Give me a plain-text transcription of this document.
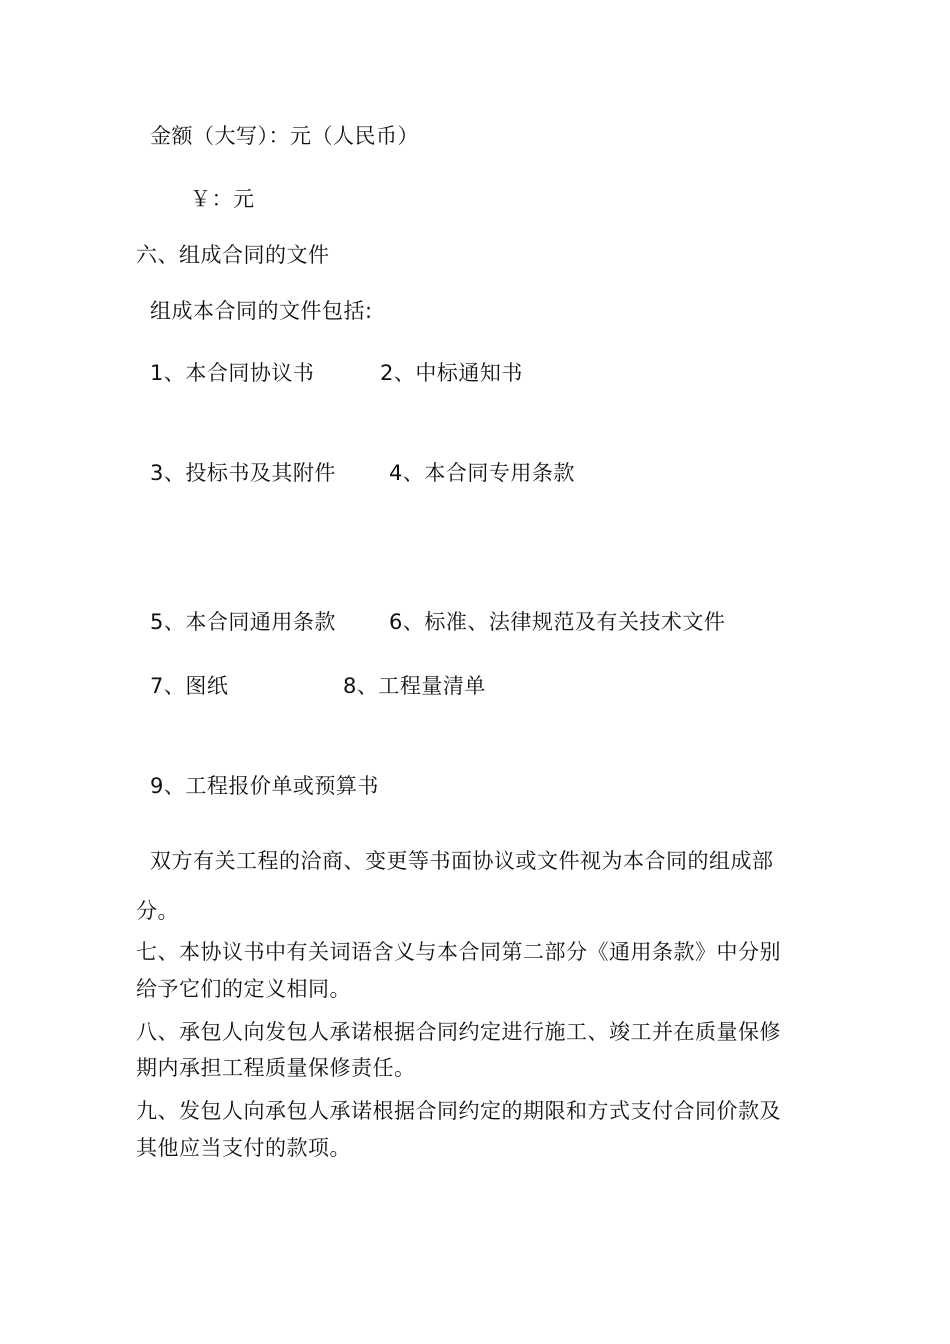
金额（大写）：元（人民币）
￥：元
六、组成合同的文件
组成本合同的文件包括:
1、本合同协议书	2、中标通知书
3、投标书及其附件	4、本合同专用条款
5、本合同通用条款	6、标准、法律规范及有关技术文件
7、图纸	8、工程量清单
9、工程报价单或预算书
双方有关工程的洽商、变更等书面协议或文件视为本合同的组成部
分。
七、本协议书中有关词语含义与本合同第二部分《通用条款》中分别
给予它们的定义相同。
八、承包人向发包人承诺根据合同约定进行施工、竣工并在质量保修
期内承担工程质量保修责任。
九、发包人向承包人承诺根据合同约定的期限和方式支付合同价款及
其他应当支付的款项。
